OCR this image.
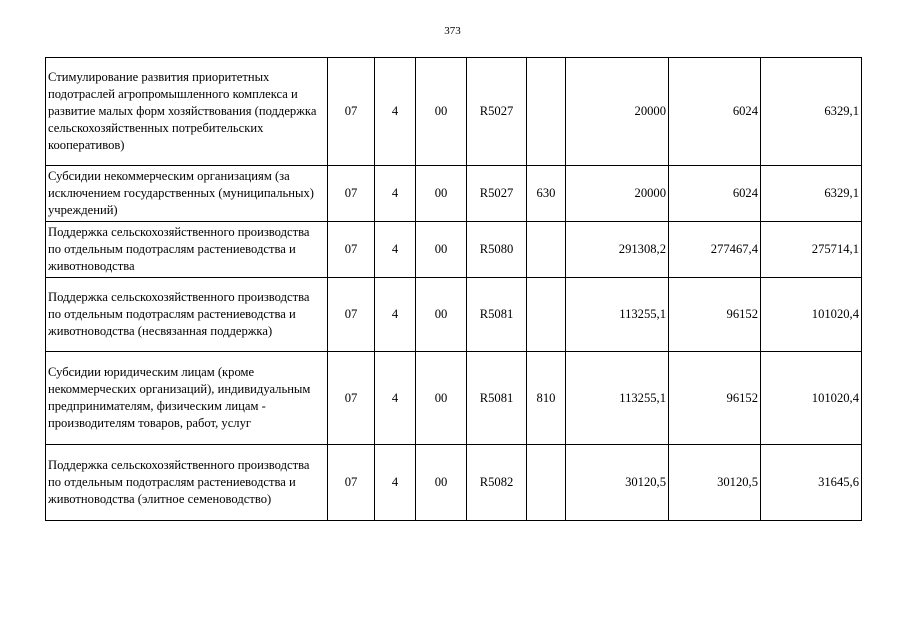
373
Стимулирование развития приоритетных подотраслей агропромышленного комплекса и развитие малых форм хозяйствования (поддержка сельскохозяйственных потребительских кооперативов)	07	4	00	R5027		20000	6024	6329,1
Субсидии некоммерческим организациям (за исключением государственных (муниципальных) учреждений)	07	4	00	R5027	630	20000	6024	6329,1
Поддержка сельскохозяйственного производства по отдельным подотраслям растениеводства и животноводства	07	4	00	R5080		291308,2	277467,4	275714,1
Поддержка сельскохозяйственного производства по отдельным подотраслям растениеводства и животноводства (несвязанная поддержка)	07	4	00	R5081		113255,1	96152	101020,4
Субсидии юридическим лицам (кроме некоммерческих организаций), индивидуальным предпринимателям, физическим лицам - производителям товаров, работ, услуг	07	4	00	R5081	810	113255,1	96152	101020,4
Поддержка сельскохозяйственного производства по отдельным подотраслям растениеводства и животноводства (элитное семеноводство)	07	4	00	R5082		30120,5	30120,5	31645,6
